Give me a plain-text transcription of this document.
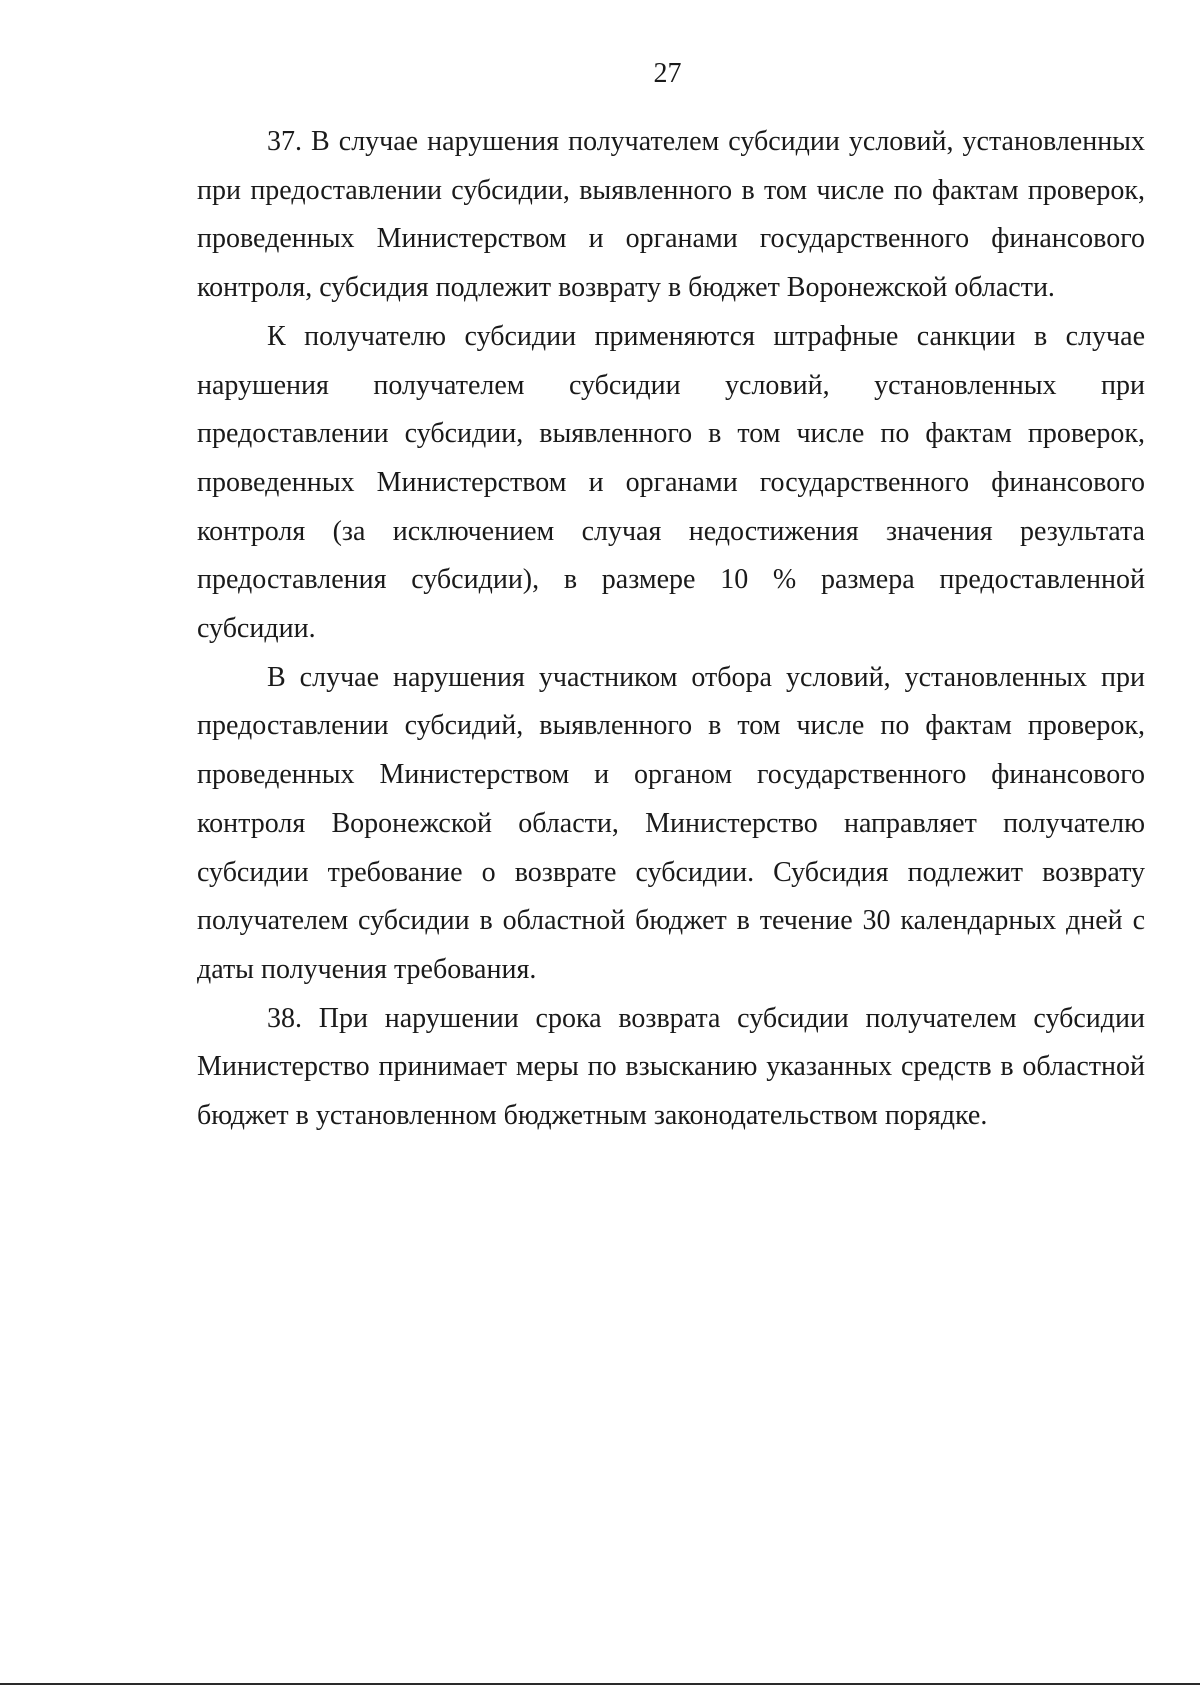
27

37. В случае нарушения получателем субсидии условий, установленных при предоставлении субсидии, выявленного в том числе по фактам проверок, проведенных Министерством и органами государственного финансового контроля, субсидия подлежит возврату в бюджет Воронежской области.

К получателю субсидии применяются штрафные санкции в случае нарушения получателем субсидии условий, установленных при предоставлении субсидии, выявленного в том числе по фактам проверок, проведенных Министерством и органами государственного финансового контроля (за исключением случая недостижения значения результата предоставления субсидии), в размере 10 % размера предоставленной субсидии.

В случае нарушения участником отбора условий, установленных при предоставлении субсидий, выявленного в том числе по фактам проверок, проведенных Министерством и органом государственного финансового контроля Воронежской области, Министерство направляет получателю субсидии требование о возврате субсидии. Субсидия подлежит возврату получателем субсидии в областной бюджет в течение 30 календарных дней с даты получения требования.

38. При нарушении срока возврата субсидии получателем субсидии Министерство принимает меры по взысканию указанных средств в областной бюджет в установленном бюджетным законодательством порядке.
